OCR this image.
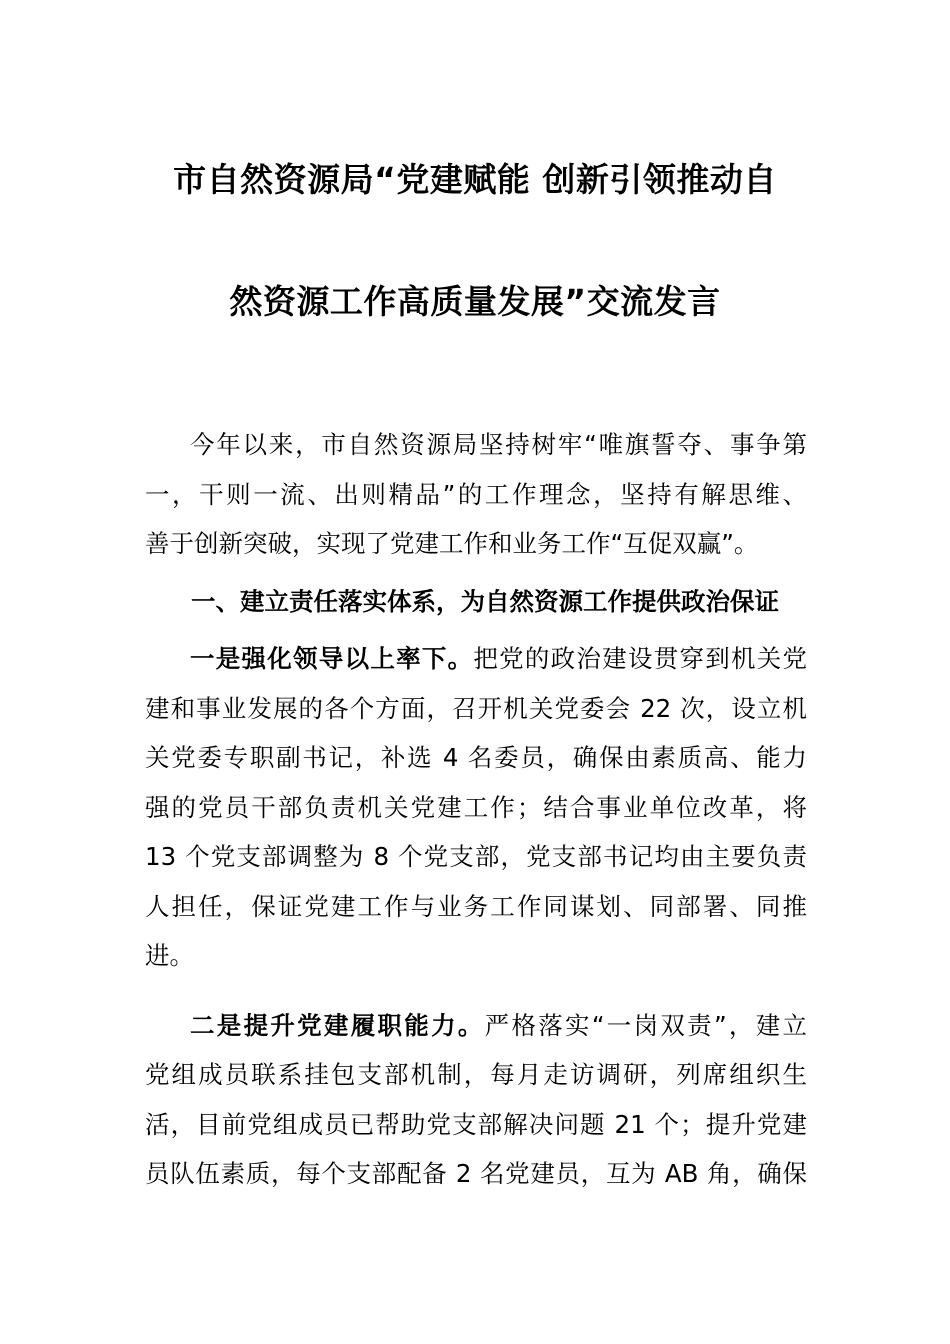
市自然资源局“党建赋能 创新引领推动自
然资源工作高质量发展”交流发言
今年以来，市自然资源局坚持树牢“唯旗誓夺、事争第
一，干则一流、出则精品”的工作理念，坚持有解思维、
善于创新突破，实现了党建工作和业务工作“互促双赢”。
一、建立责任落实体系，为自然资源工作提供政治保证
一是强化领导以上率下。把党的政治建设贯穿到机关党
建和事业发展的各个方面，召开机关党委会 22 次，设立机
关党委专职副书记，补选 4 名委员，确保由素质高、能力
强的党员干部负责机关党建工作；结合事业单位改革，将
13 个党支部调整为 8 个党支部，党支部书记均由主要负责
人担任，保证党建工作与业务工作同谋划、同部署、同推
进。
二是提升党建履职能力。严格落实“一岗双责”，建立
党组成员联系挂包支部机制，每月走访调研，列席组织生
活，目前党组成员已帮助党支部解决问题 21 个；提升党建
员队伍素质，每个支部配备 2 名党建员，互为 AB 角，确保
